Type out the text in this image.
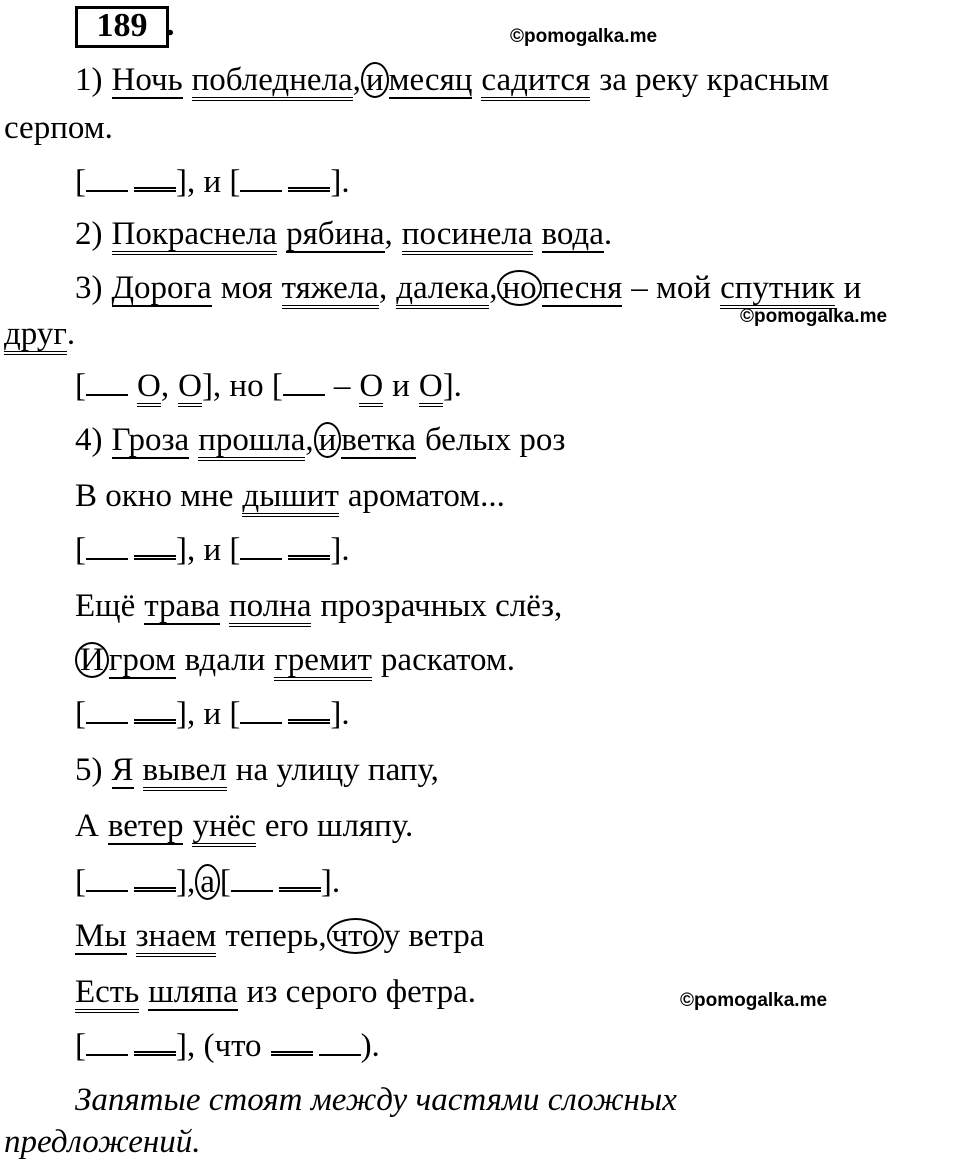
189 .	©pomogalka.me
©pomogalka.me
©pomogalka.me
1) Ночь побледнела, и месяц садится за реку красным
серпом.
[	], и [	].
2) Покраснела рябина, посинела вода.
3) Дорога моя тяжела, далека, но песня – мой спутник и
друг.
[ О, О], но [ – О и О].
4) Гроза прошла, и ветка белых роз
В окно мне дышит ароматом...
[	], и [	].
Ещё трава полна прозрачных слёз,
И гром вдали гремит раскатом.
[	], и [	].
5) Я вывел на улицу папу,
А ветер унёс его шляпу.
[	], а [	].
Мы знаем теперь, что у ветра
Есть шляпа из серого фетра.
[	], (что	).
Запятые стоят между частями сложных
предложений.
